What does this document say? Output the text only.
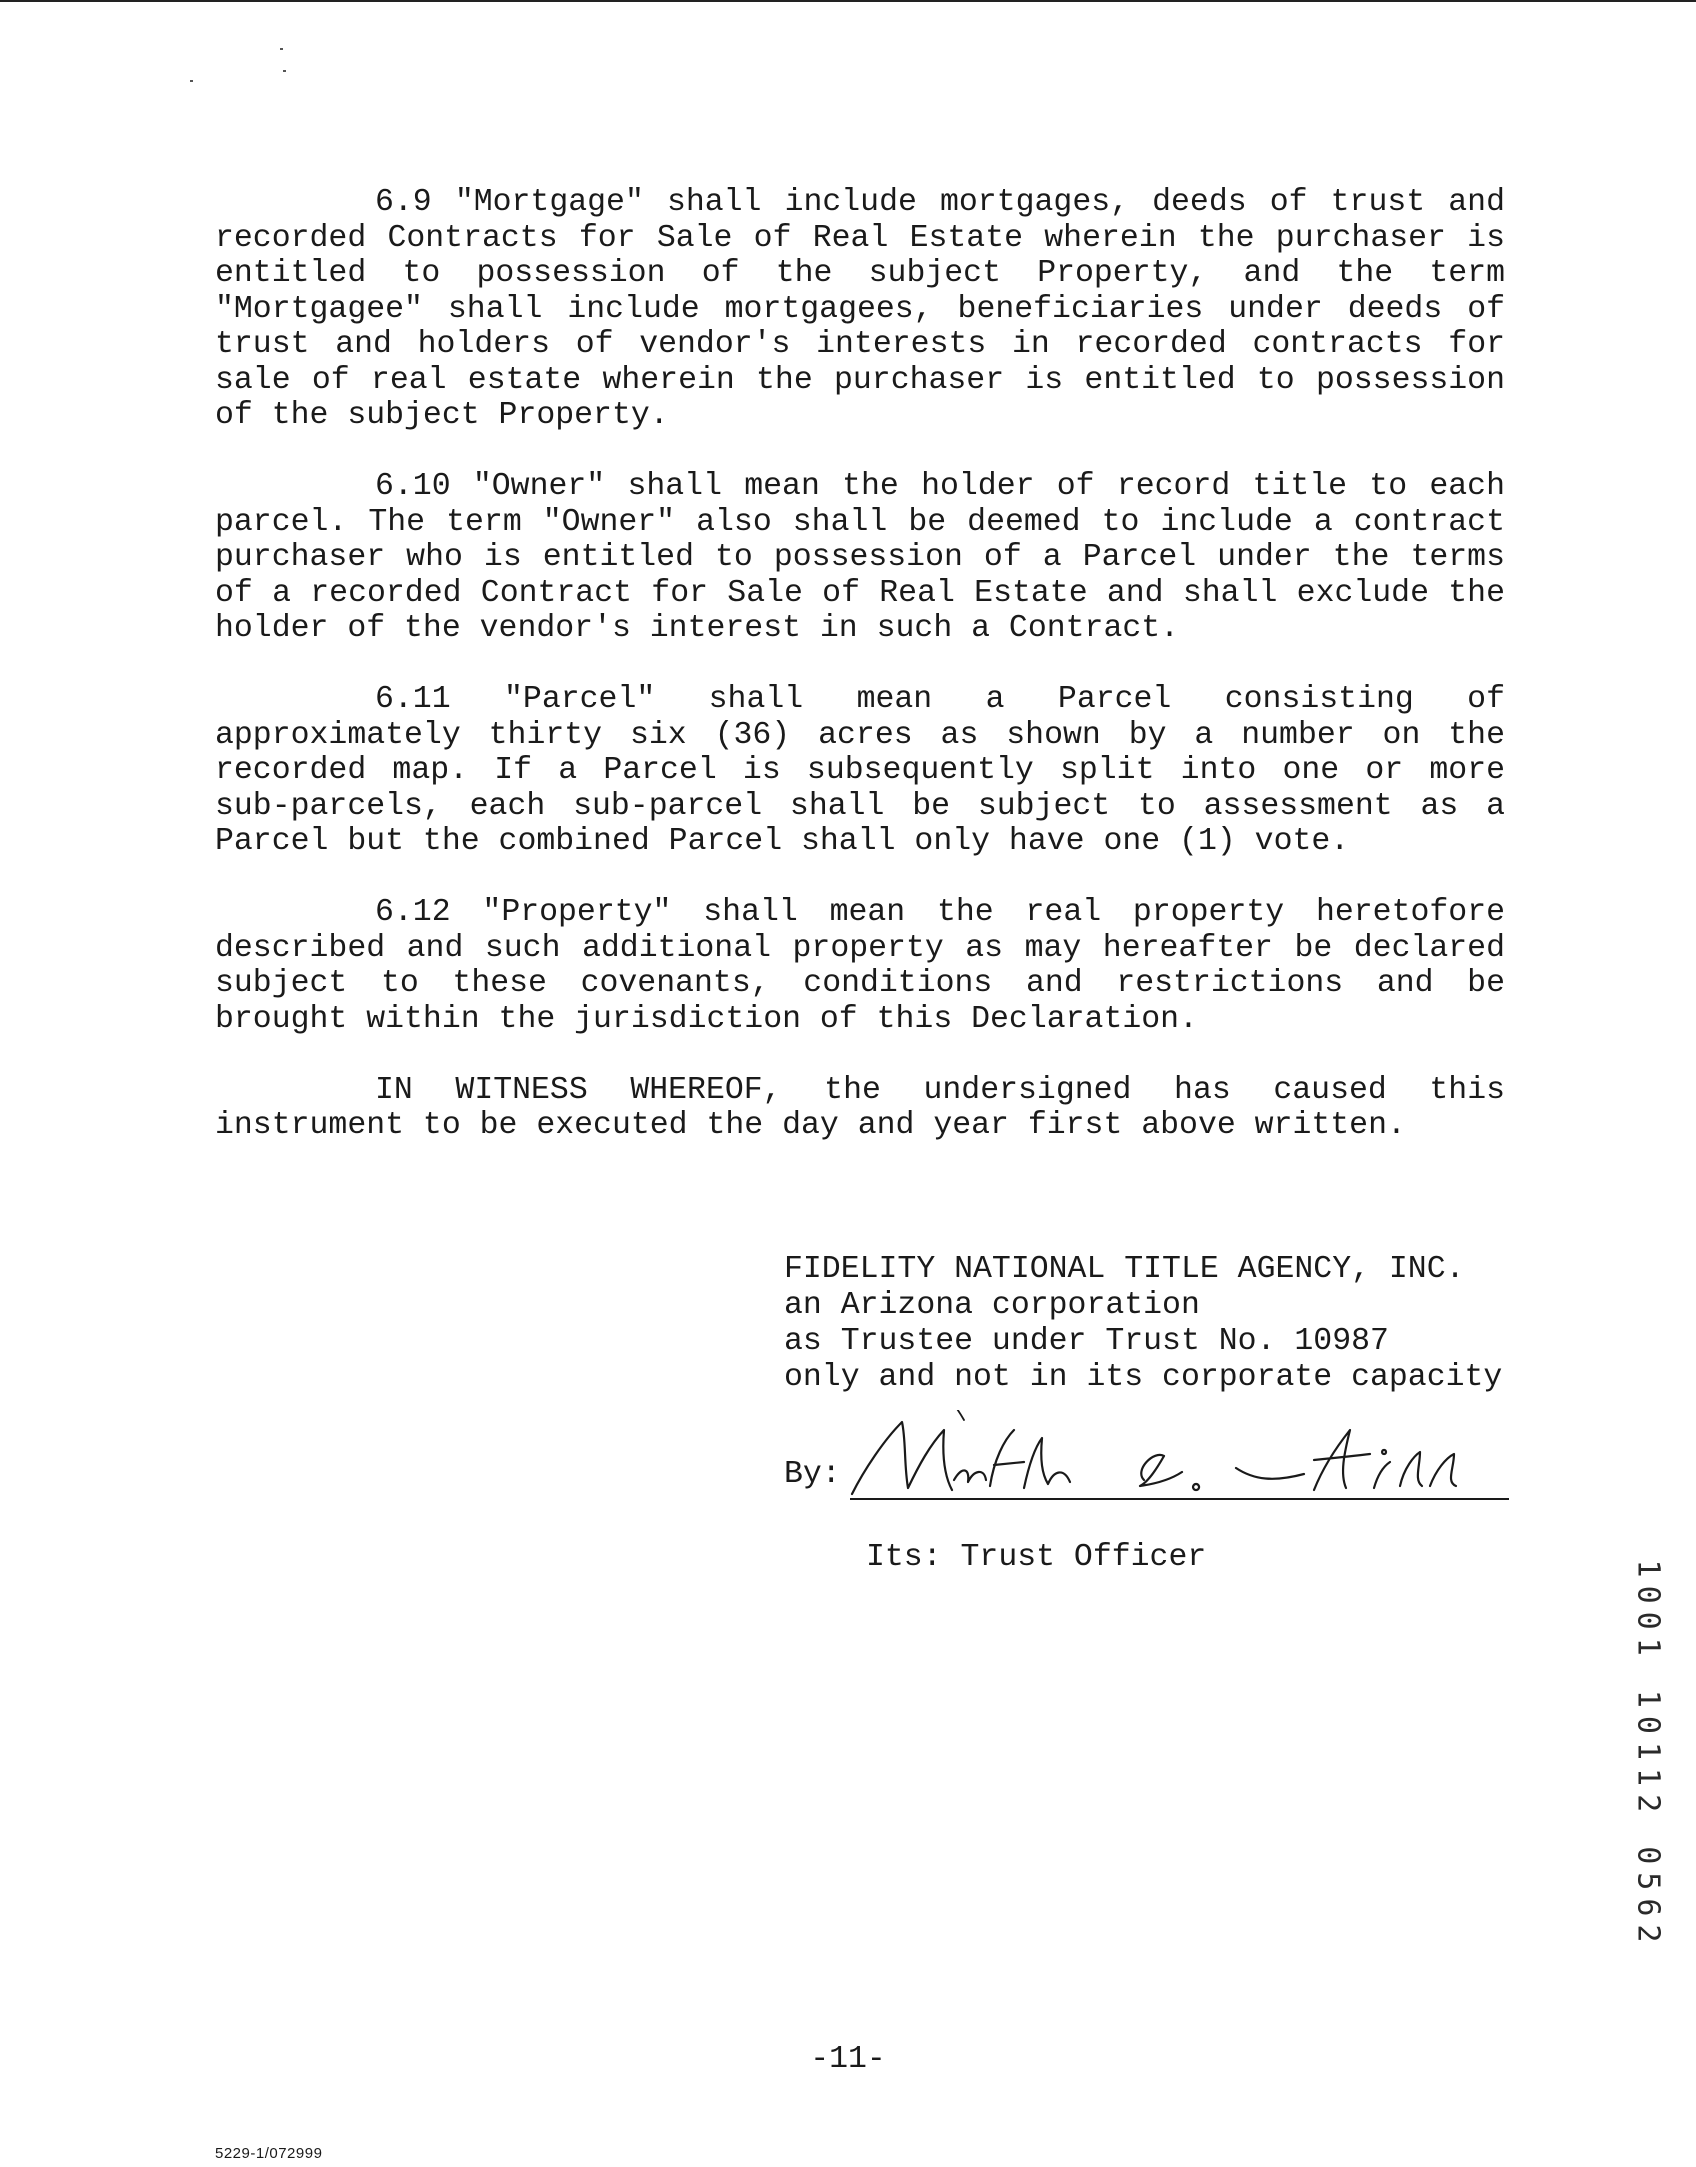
6.9 "Mortgage" shall include mortgages, deeds of trust and recorded Contracts for Sale of Real Estate wherein the purchaser is entitled to possession of the subject Property, and the term "Mortgagee" shall include mortgagees, beneficiaries under deeds of trust and holders of vendor's interests in recorded contracts for sale of real estate wherein the purchaser is entitled to possession of the subject Property.

6.10 "Owner" shall mean the holder of record title to each parcel. The term "Owner" also shall be deemed to include a contract purchaser who is entitled to possession of a Parcel under the terms of a recorded Contract for Sale of Real Estate and shall exclude the holder of the vendor's interest in such a Contract.

6.11 "Parcel" shall mean a Parcel consisting of approximately thirty six (36) acres as shown by a number on the recorded map. If a Parcel is subsequently split into one or more sub-parcels, each sub-parcel shall be subject to assessment as a Parcel but the combined Parcel shall only have one (1) vote.

6.12 "Property" shall mean the real property heretofore described and such additional property as may hereafter be declared subject to these covenants, conditions and restrictions and be brought within the jurisdiction of this Declaration.

IN WITNESS WHEREOF, the undersigned has caused this instrument to be executed the day and year first above written.

FIDELITY NATIONAL TITLE AGENCY, INC.
an Arizona corporation
as Trustee under Trust No. 10987
only and not in its corporate capacity
By:
Its: Trust Officer
1001 10112 0562
-11-
5229-1/072999
